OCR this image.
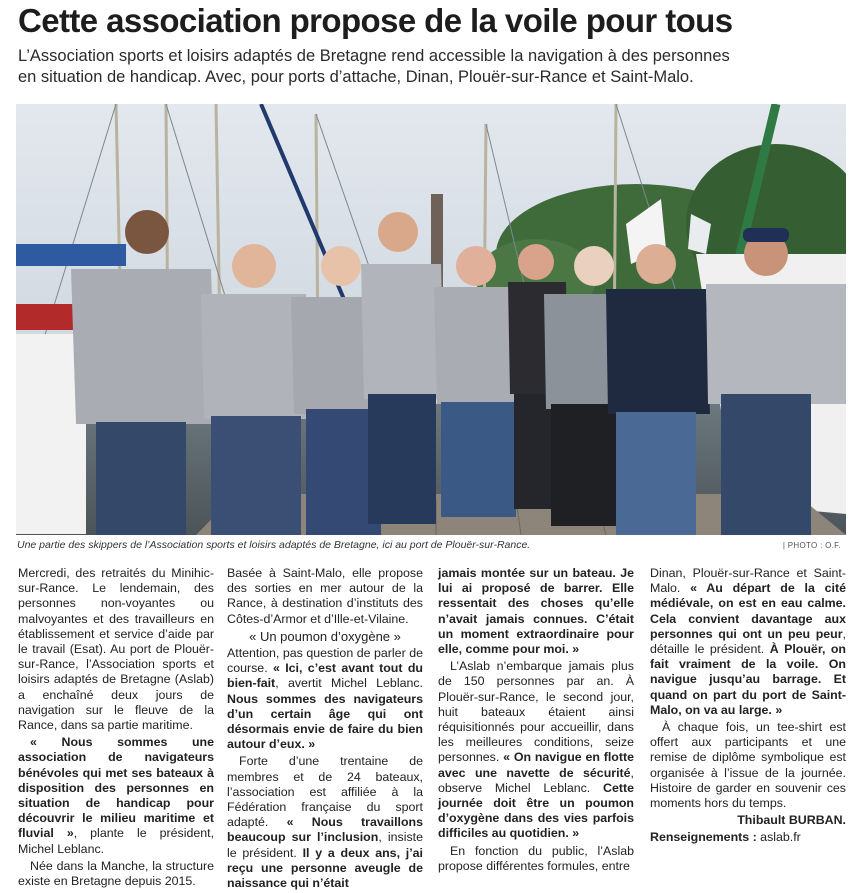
Cette association propose de la voile pour tous

L’Association sports et loisirs adaptés de Bretagne rend accessible la navigation à des personnes
en situation de handicap. Avec, pour ports d’attache, Dinan, Plouër-sur-Rance et Saint-Malo.

Une partie des skippers de l’Association sports et loisirs adaptés de Bretagne, ici au port de Plouër-sur-Rance.	| PHOTO : O.F.

Mercredi, des retraités du Minihic-sur-Rance. Le lendemain, des personnes non-voyantes ou malvoyantes et des travailleurs en établissement et service d’aide par le travail (Esat). Au port de Plouër-sur-Rance, l’Association sports et loisirs adaptés de Bretagne (Aslab) a enchaîné deux jours de navigation sur le fleuve de la Rance, dans sa partie maritime.

« Nous sommes une association de navigateurs bénévoles qui met ses bateaux à disposition des personnes en situation de handicap pour découvrir le milieu maritime et fluvial », plante le président, Michel Leblanc.

Née dans la Manche, la structure existe en Bretagne depuis 2015.

Basée à Saint-Malo, elle propose des sorties en mer autour de la Rance, à destination d’instituts des Côtes-d’Armor et d’Ille-et-Vilaine.

« Un poumon d’oxygène »

Attention, pas question de parler de course. « Ici, c’est avant tout du bien-fait, avertit Michel Leblanc. Nous sommes des navigateurs d’un certain âge qui ont désormais envie de faire du bien autour d’eux. »

Forte d’une trentaine de membres et de 24 bateaux, l’association est affiliée à la Fédération française du sport adapté. « Nous travaillons beaucoup sur l’inclusion, insiste le président. Il y a deux ans, j’ai reçu une personne aveugle de naissance qui n’était

jamais montée sur un bateau. Je lui ai proposé de barrer. Elle ressentait des choses qu’elle n’avait jamais connues. C’était un moment extraordinaire pour elle, comme pour moi. »

L’Aslab n’embarque jamais plus de 150 personnes par an. À Plouër-sur-Rance, le second jour, huit bateaux étaient ainsi réquisitionnés pour accueillir, dans les meilleures conditions, seize personnes. « On navigue en flotte avec une navette de sécurité, observe Michel Leblanc. Cette journée doit être un poumon d’oxygène dans des vies parfois difficiles au quotidien. »

En fonction du public, l’Aslab propose différentes formules, entre

Dinan, Plouër-sur-Rance et Saint-Malo. « Au départ de la cité médiévale, on est en eau calme. Cela convient davantage aux personnes qui ont un peu peur, détaille le président. À Plouër, on fait vraiment de la voile. On navigue jusqu’au barrage. Et quand on part du port de Saint-Malo, on va au large. »

À chaque fois, un tee-shirt est offert aux participants et une remise de diplôme symbolique est organisée à l’issue de la journée. Histoire de garder en souvenir ces moments hors du temps.

Thibault BURBAN.

Renseignements : aslab.fr
